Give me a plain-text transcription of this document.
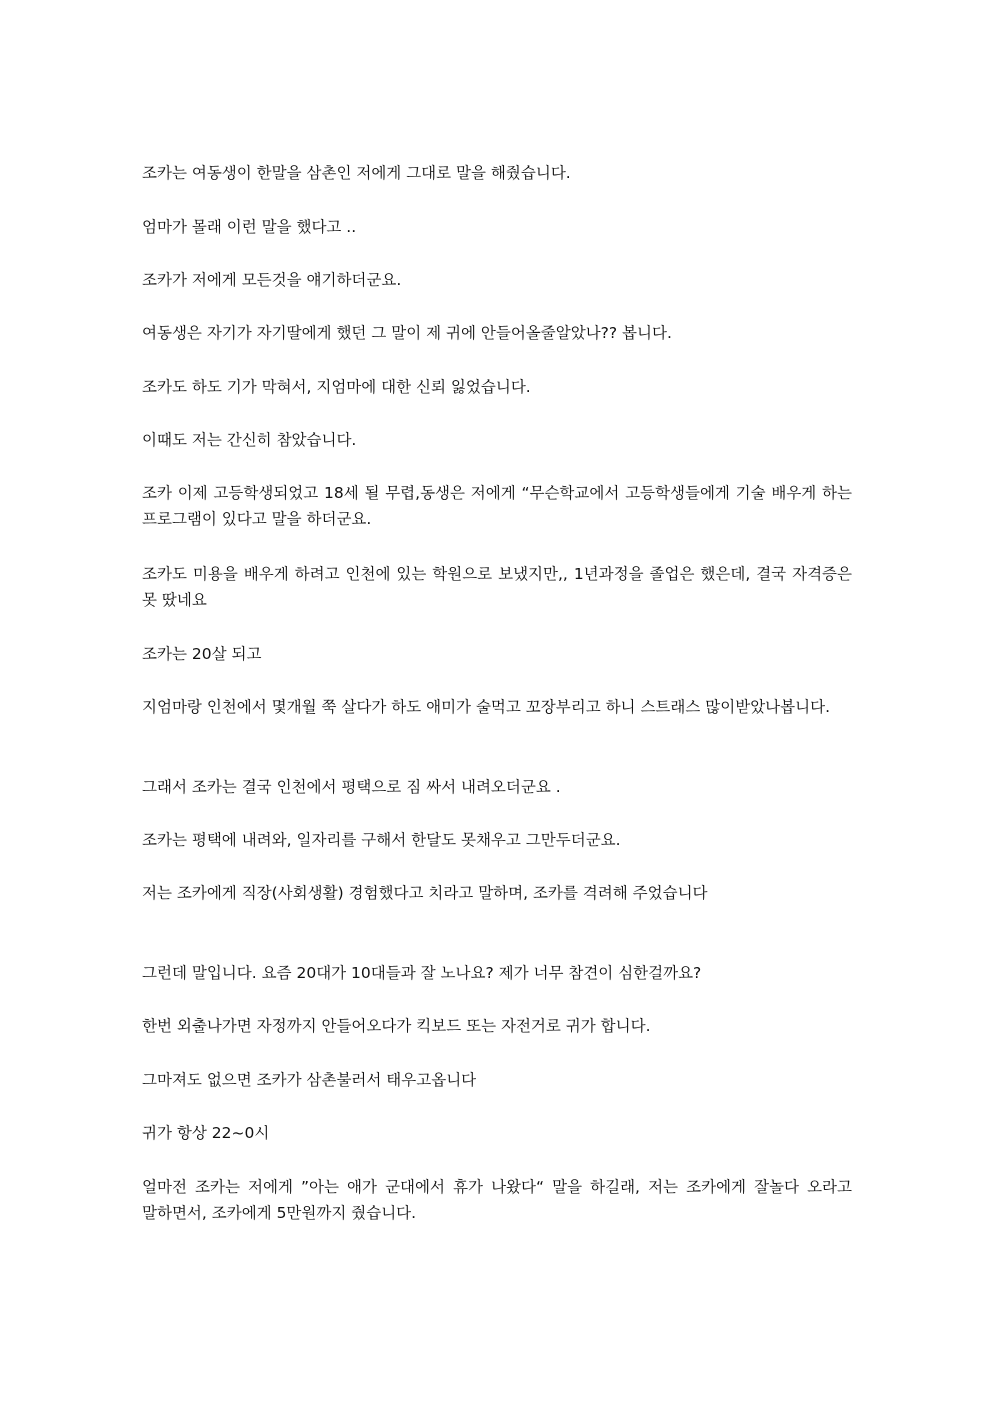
조카는 여동생이 한말을 삼촌인 저에게 그대로 말을 해줬습니다.

엄마가 몰래 이런 말을 했다고 ..

조카가 저에게 모든것을 얘기하더군요.

여동생은 자기가 자기딸에게 했던 그 말이 제 귀에 안들어올줄알았나?? 봅니다.

조카도 하도 기가 막혀서, 지엄마에 대한 신뢰 잃었습니다.

이때도 저는 간신히 참았습니다.

조카 이제 고등학생되었고 18세 될 무렵,동생은 저에게 “무슨학교에서 고등학생들에게 기술 배우게 하는 프로그램이 있다고 말을 하더군요.

조카도 미용을 배우게 하려고 인천에 있는 학원으로 보냈지만,, 1년과정을 졸업은 했은데, 결국 자격증은 못 땄네요

조카는 20살 되고

지엄마랑 인천에서 몇개월 쭉 살다가 하도 애미가 술먹고 꼬장부리고 하니 스트래스 많이받았나봅니다.

그래서 조카는 결국 인천에서 평택으로 짐 싸서 내려오더군요 .

조카는 평택에 내려와, 일자리를 구해서 한달도 못채우고 그만두더군요.

저는 조카에게 직장(사회생활) 경험했다고 치라고 말하며, 조카를 격려해 주었습니다

그런데 말입니다. 요즘 20대가 10대들과 잘 노나요? 제가 너무 참견이 심한걸까요?

한번 외출나가면 자정까지 안들어오다가 킥보드 또는 자전거로 귀가 합니다.

그마져도 없으면 조카가 삼촌불러서 태우고옵니다

귀가 항상 22~0시

얼마전 조카는 저에게 ”아는 애가 군대에서 휴가 나왔다“ 말을 하길래, 저는 조카에게 잘놀다 오라고 말하면서, 조카에게 5만원까지 줬습니다.
